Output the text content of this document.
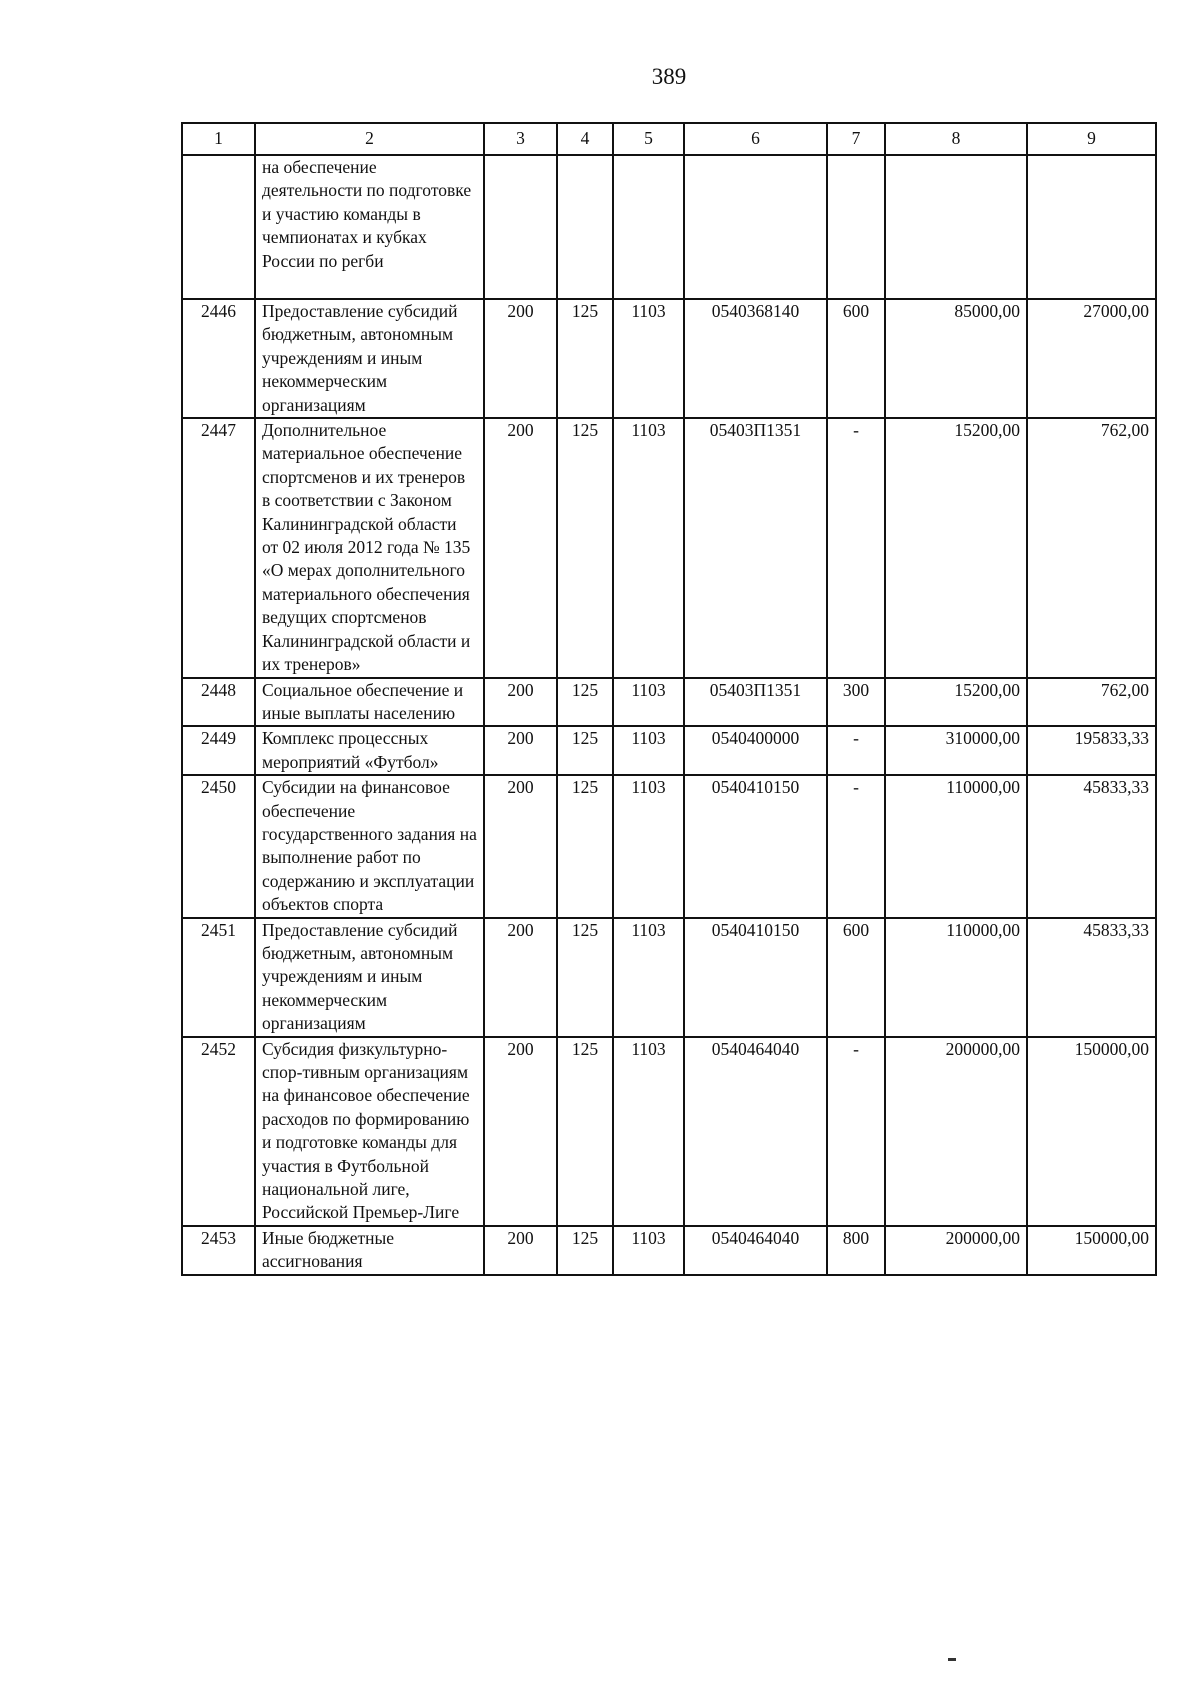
389
1	2	3	4	5	6	7	8	9
	на обеспечение деятельности по подготовке и участию команды в чемпионатах и кубках России по регби							
2446	Предоставление субсидий бюджетным, автономным учреждениям и иным некоммерческим организациям	200	125	1103	0540368140	600	85000,00	27000,00
2447	Дополнительное материальное обеспечение спортсменов и их тренеров в соответствии с Законом Калининградской области от 02 июля 2012 года № 135 «О мерах дополнительного материального обеспечения ведущих спортсменов Калининградской области и их тренеров»	200	125	1103	05403П1351	-	15200,00	762,00
2448	Социальное обеспечение и иные выплаты населению	200	125	1103	05403П1351	300	15200,00	762,00
2449	Комплекс процессных мероприятий «Футбол»	200	125	1103	0540400000	-	310000,00	195833,33
2450	Субсидии на финансовое обеспечение государственного задания на выполнение работ по содержанию и эксплуатации объектов спорта	200	125	1103	0540410150	-	110000,00	45833,33
2451	Предоставление субсидий бюджетным, автономным учреждениям и иным некоммерческим организациям	200	125	1103	0540410150	600	110000,00	45833,33
2452	Субсидия физкультурно-спор-тивным организациям на финансовое обеспечение расходов по формированию и подготовке команды для участия в Футбольной национальной лиге, Российской Премьер-Лиге	200	125	1103	0540464040	-	200000,00	150000,00
2453	Иные бюджетные ассигнования	200	125	1103	0540464040	800	200000,00	150000,00
